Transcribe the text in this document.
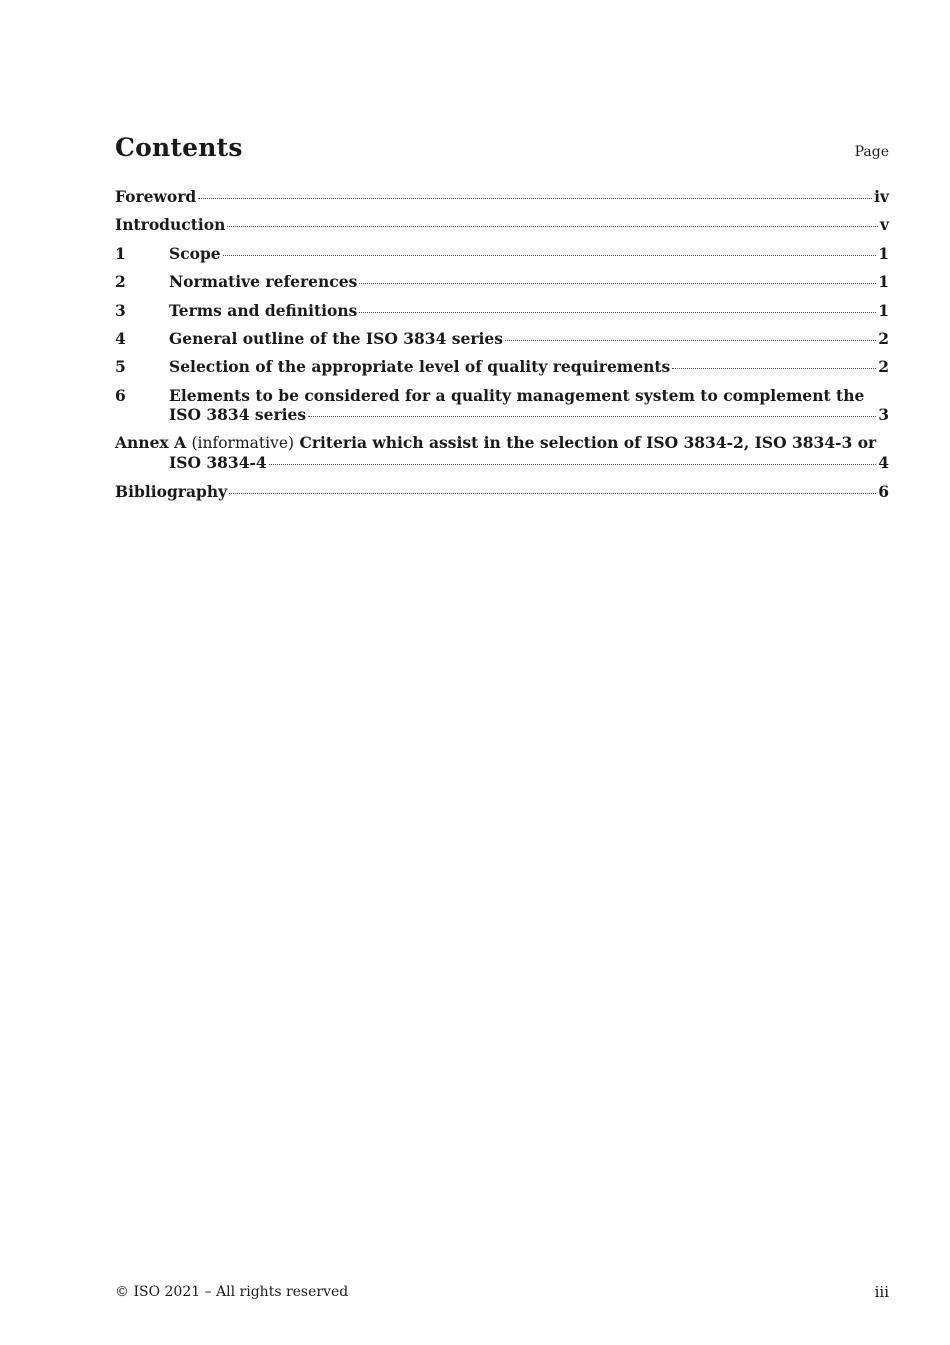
Contents	Page
Foreword	iv
Introduction	v
1	Scope	1
2	Normative references	1
3	Terms and definitions	1
4	General outline of the ISO 3834 series	2
5	Selection of the appropriate level of quality requirements	2
6	Elements to be considered for a quality management system to complement the
ISO 3834 series	3
Annex A (informative) Criteria which assist in the selection of ISO 3834-2, ISO 3834-3 or
ISO 3834-4	4
Bibliography	6
© ISO 2021 – All rights reserved	iii
